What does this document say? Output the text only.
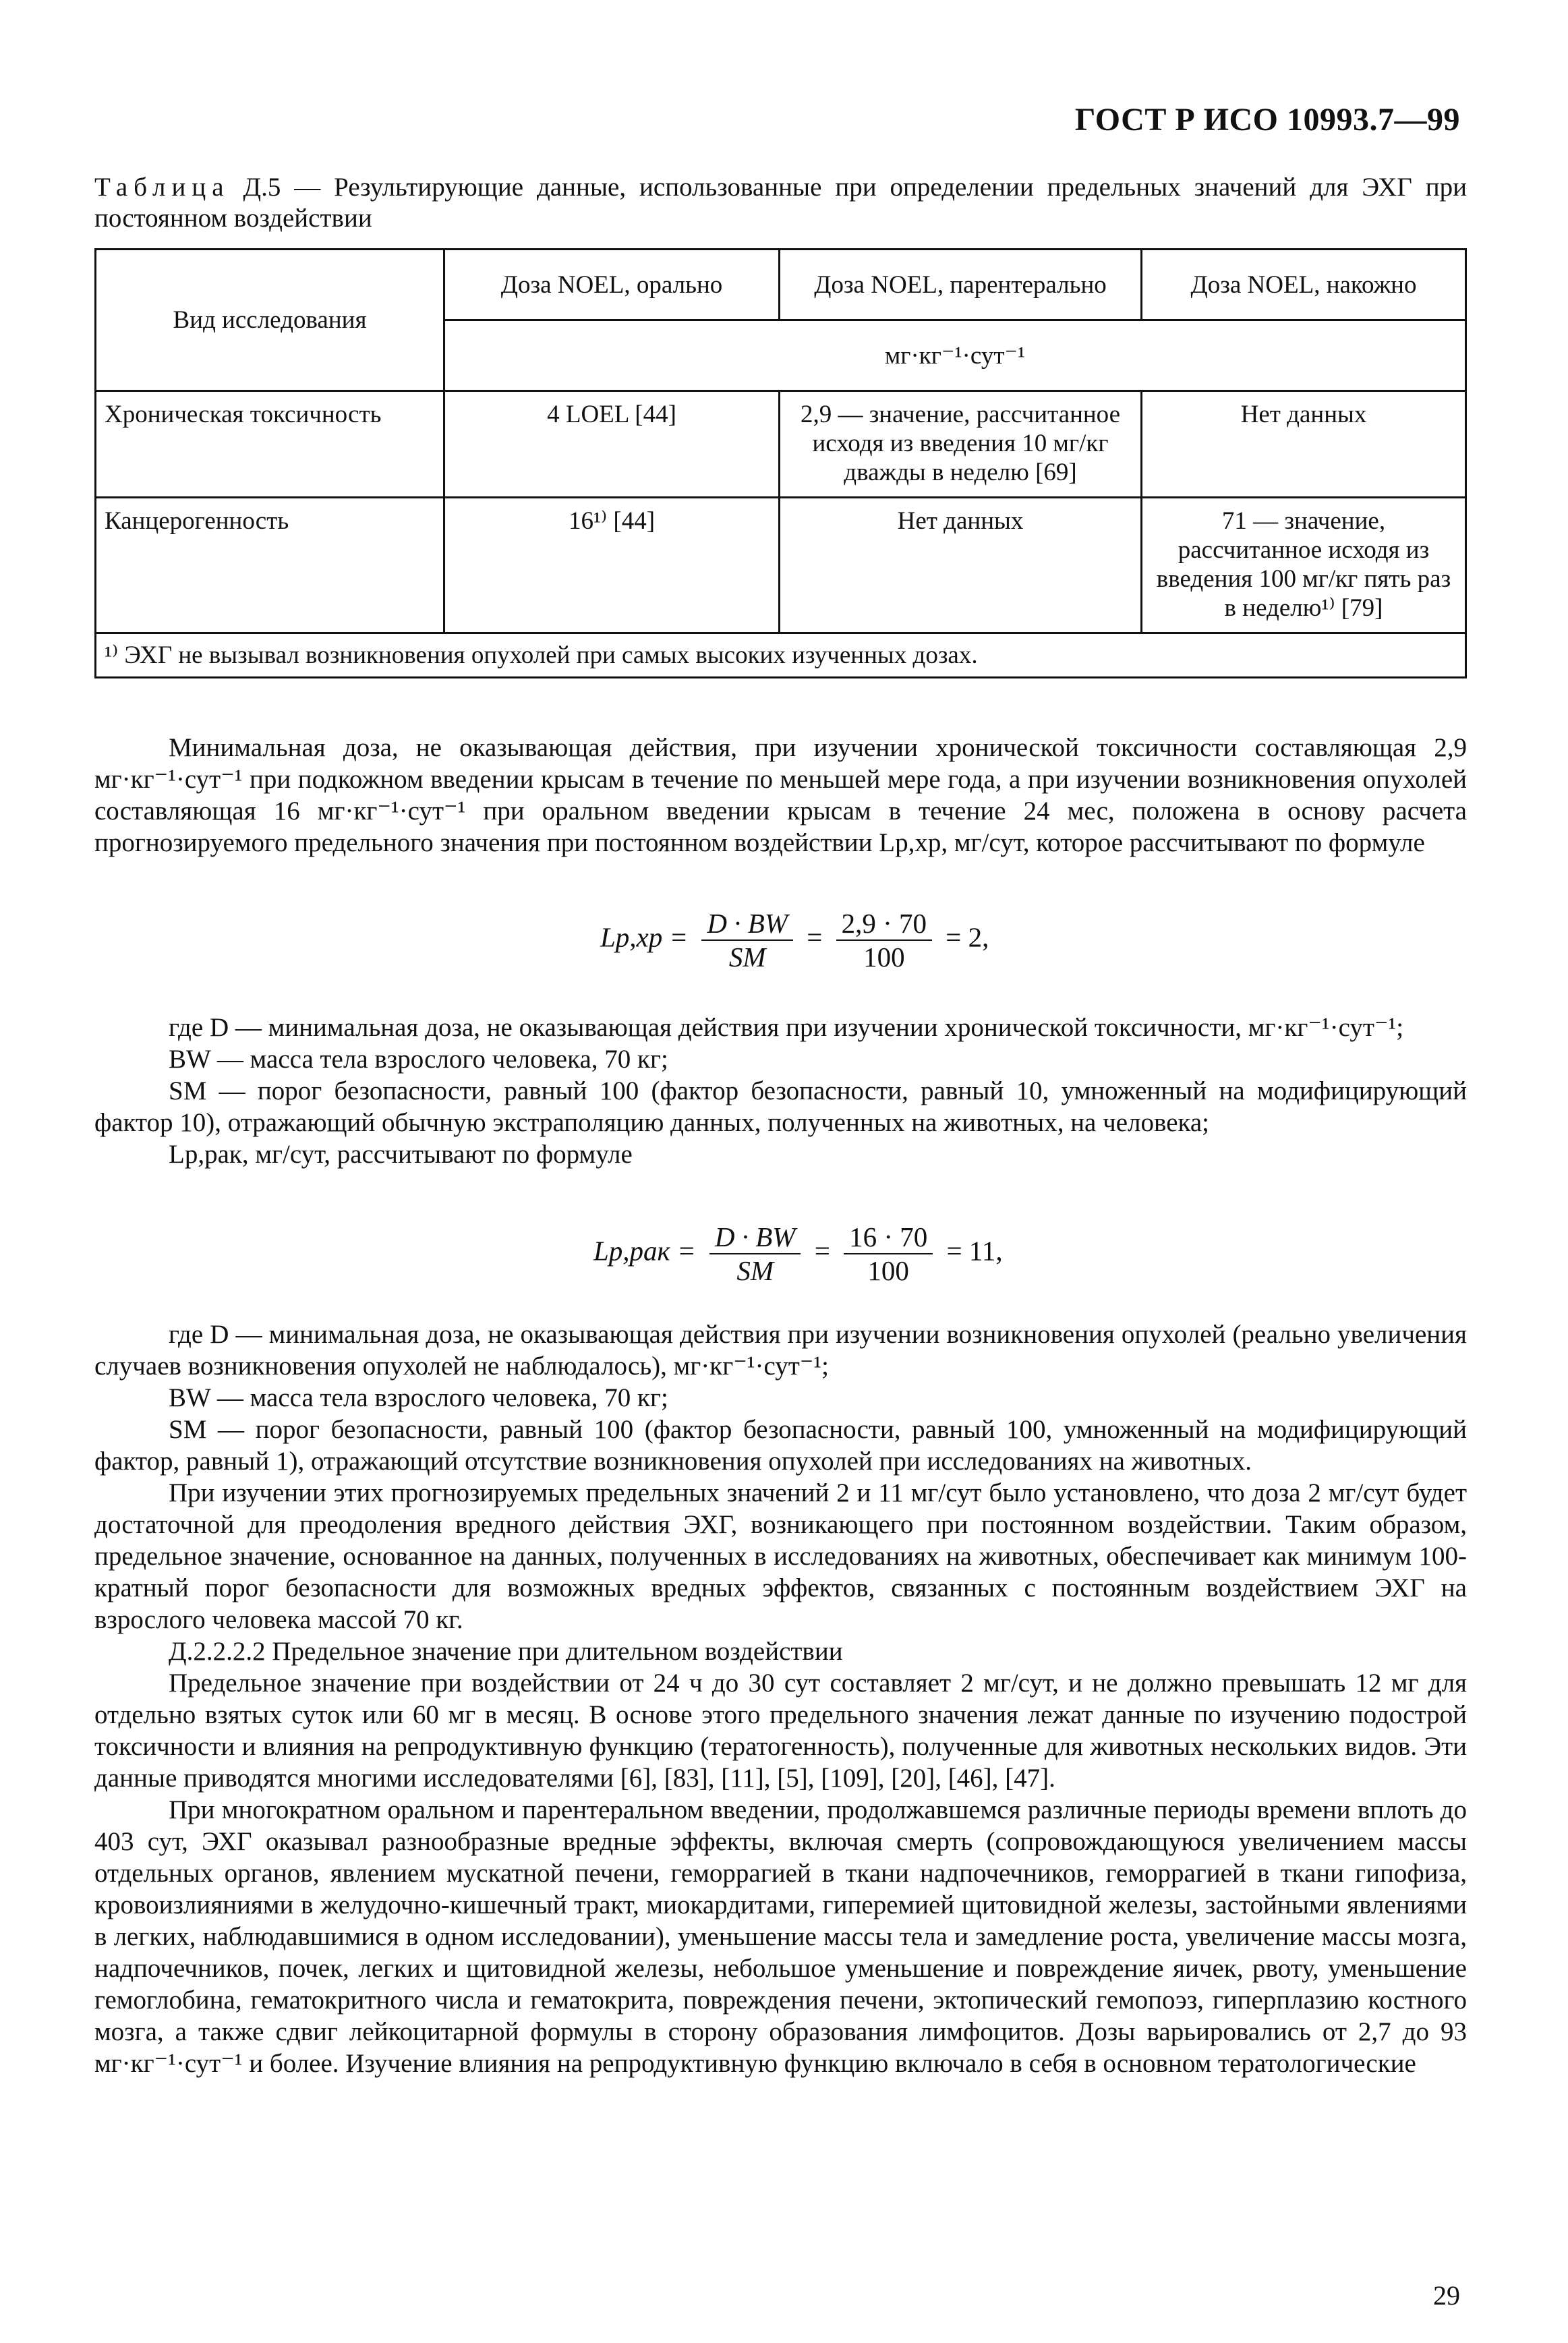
ГОСТ Р ИСО 10993.7—99
Таблица Д.5 — Результирующие данные, использованные при определении предельных значений для ЭХГ при постоянном воздействии
Вид исследования	Доза NOEL, орально	Доза NOEL, парентерально	Доза NOEL, накожно
	мг·кг⁻¹·сут⁻¹		
Хроническая токсичность	4 LOEL [44]	2,9 — значение, рассчитанное исходя из введения 10 мг/кг дважды в неделю [69]	Нет данных
Канцерогенность	16¹⁾ [44]	Нет данных	71 — значение, рассчитанное исходя из введения 100 мг/кг пять раз в неделю¹⁾ [79]
¹⁾ ЭХГ не вызывал возникновения опухолей при самых высоких изученных дозах.			

Минимальная доза, не оказывающая действия, при изучении хронической токсичности составляющая 2,9 мг·кг⁻¹·сут⁻¹ при подкожном введении крысам в течение по меньшей мере года, а при изучении возникновения опухолей составляющая 16 мг·кг⁻¹·сут⁻¹ при оральном введении крысам в течение 24 мес, положена в основу расчета прогнозируемого предельного значения при постоянном воздействии Lp,xp, мг/сут, которое рассчитывают по формуле

$Lp,xp = \frac{D \cdot BW}{SM} = \frac{2,9 \cdot 70}{100} = 2$,

где D — минимальная доза, не оказывающая действия при изучении хронической токсичности, мг·кг⁻¹·сут⁻¹;

BW — масса тела взрослого человека, 70 кг;

SM — порог безопасности, равный 100 (фактор безопасности, равный 10, умноженный на модифицирующий фактор 10), отражающий обычную экстраполяцию данных, полученных на животных, на человека;

Lp,рак, мг/сут, рассчитывают по формуле

$Lp,рак = \frac{D \cdot BW}{SM} = \frac{16 \cdot 70}{100} = 11$,

где D — минимальная доза, не оказывающая действия при изучении возникновения опухолей (реально увеличения случаев возникновения опухолей не наблюдалось), мг·кг⁻¹·сут⁻¹;

BW — масса тела взрослого человека, 70 кг;

SM — порог безопасности, равный 100 (фактор безопасности, равный 100, умноженный на модифицирующий фактор, равный 1), отражающий отсутствие возникновения опухолей при исследованиях на животных.

При изучении этих прогнозируемых предельных значений 2 и 11 мг/сут было установлено, что доза 2 мг/сут будет достаточной для преодоления вредного действия ЭХГ, возникающего при постоянном воздействии. Таким образом, предельное значение, основанное на данных, полученных в исследованиях на животных, обеспечивает как минимум 100-кратный порог безопасности для возможных вредных эффектов, связанных с постоянным воздействием ЭХГ на взрослого человека массой 70 кг.

Д.2.2.2.2 Предельное значение при длительном воздействии

Предельное значение при воздействии от 24 ч до 30 сут составляет 2 мг/сут, и не должно превышать 12 мг для отдельно взятых суток или 60 мг в месяц. В основе этого предельного значения лежат данные по изучению подострой токсичности и влияния на репродуктивную функцию (тератогенность), полученные для животных нескольких видов. Эти данные приводятся многими исследователями [6], [83], [11], [5], [109], [20], [46], [47].

При многократном оральном и парентеральном введении, продолжавшемся различные периоды времени вплоть до 403 сут, ЭХГ оказывал разнообразные вредные эффекты, включая смерть (сопровождающуюся увеличением массы отдельных органов, явлением мускатной печени, геморрагией в ткани надпочечников, геморрагией в ткани гипофиза, кровоизлияниями в желудочно-кишечный тракт, миокардитами, гиперемией щитовидной железы, застойными явлениями в легких, наблюдавшимися в одном исследовании), уменьшение массы тела и замедление роста, увеличение массы мозга, надпочечников, почек, легких и щитовидной железы, небольшое уменьшение и повреждение яичек, рвоту, уменьшение гемоглобина, гематокритного числа и гематокрита, повреждения печени, эктопический гемопоэз, гиперплазию костного мозга, а также сдвиг лейкоцитарной формулы в сторону образования лимфоцитов. Дозы варьировались от 2,7 до 93 мг·кг⁻¹·сут⁻¹ и более. Изучение влияния на репродуктивную функцию включало в себя в основном тератологические

29
